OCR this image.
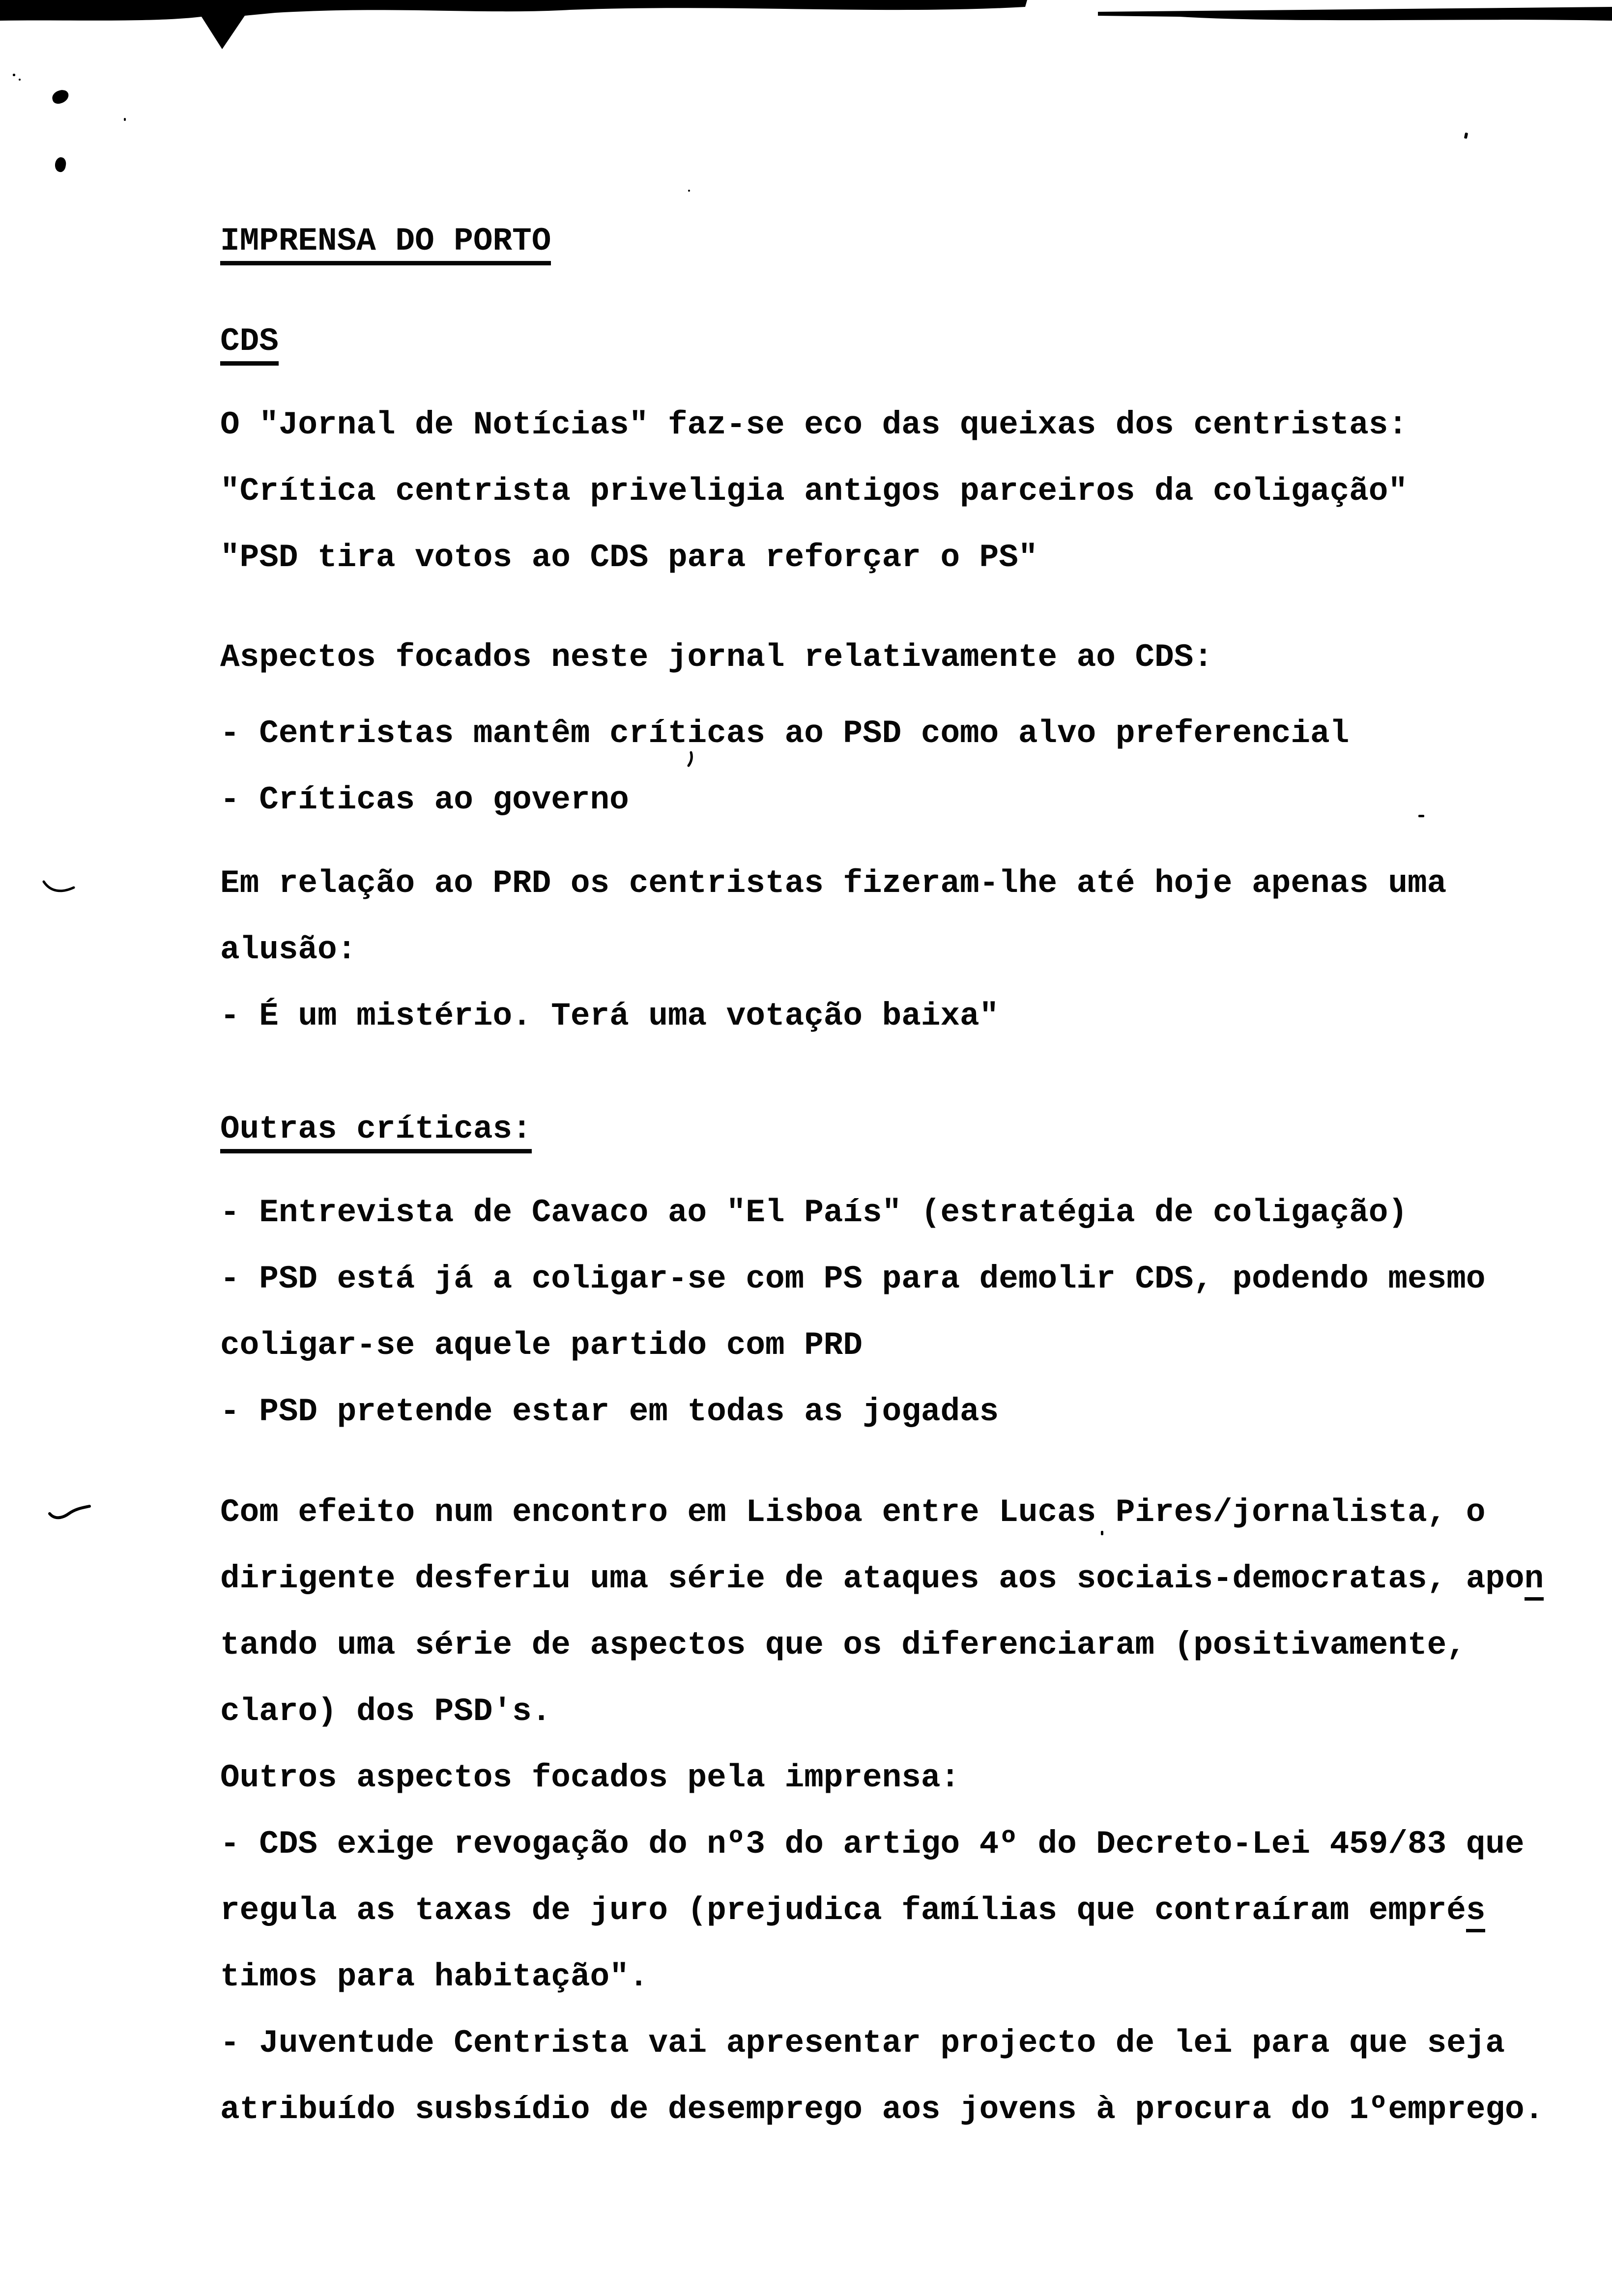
IMPRENSA DO PORTO
CDS
O "Jornal de Notícias" faz-se eco das queixas dos centristas:
"Crítica centrista priveligia antigos parceiros da coligação"
"PSD tira votos ao CDS para reforçar o PS"
Aspectos focados neste jornal relativamente ao CDS:
- Centristas mantêm críticas ao PSD como alvo preferencial
- Críticas ao governo
Em relação ao PRD os centristas fizeram-lhe até hoje apenas uma
alusão:
- É um mistério. Terá uma votação baixa"
Outras críticas:
- Entrevista de Cavaco ao "El País" (estratégia de coligação)
- PSD está já a coligar-se com PS para demolir CDS, podendo mesmo
coligar-se aquele partido com PRD
- PSD pretende estar em todas as jogadas
Com efeito num encontro em Lisboa entre Lucas Pires/jornalista, o
dirigente desferiu uma série de ataques aos sociais-democratas, apon
tando uma série de aspectos que os diferenciaram (positivamente,
claro) dos PSD's.
Outros aspectos focados pela imprensa:
- CDS exige revogação do nº3 do artigo 4º do Decreto-Lei 459/83 que
regula as taxas de juro (prejudica famílias que contraíram emprés
timos para habitação".
- Juventude Centrista vai apresentar projecto de lei para que seja
atribuído susbsídio de desemprego aos jovens à procura do 1ºemprego.
